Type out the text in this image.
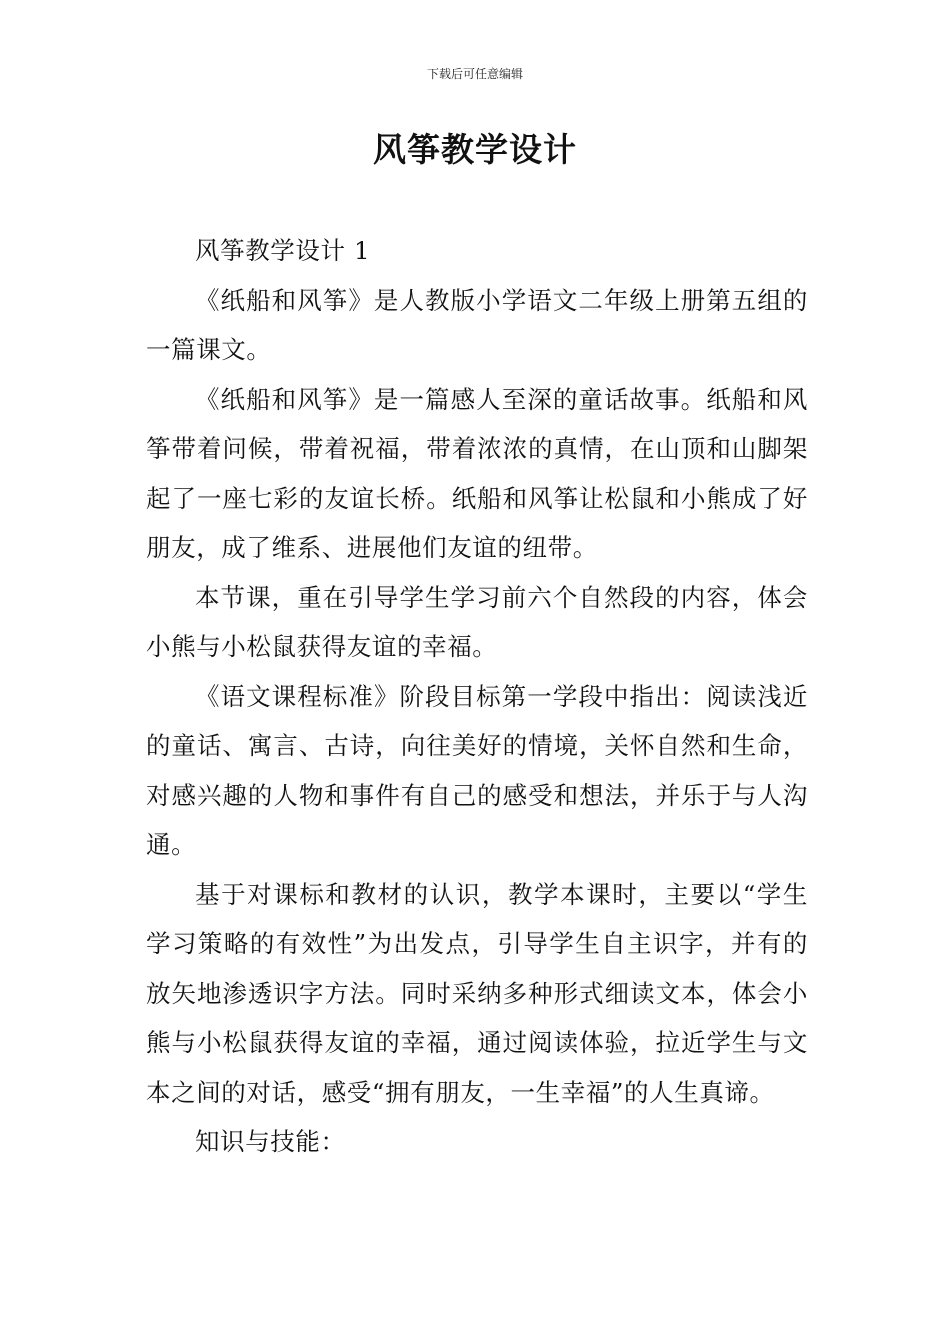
下载后可任意编辑
风筝教学设计

风筝教学设计 1

《纸船和风筝》是人教版小学语文二年级上册第五组的一篇课文。

《纸船和风筝》是一篇感人至深的童话故事。纸船和风筝带着问候，带着祝福，带着浓浓的真情，在山顶和山脚架起了一座七彩的友谊长桥。纸船和风筝让松鼠和小熊成了好朋友，成了维系、进展他们友谊的纽带。

本节课，重在引导学生学习前六个自然段的内容，体会小熊与小松鼠获得友谊的幸福。

《语文课程标准》阶段目标第一学段中指出：阅读浅近的童话、寓言、古诗，向往美好的情境，关怀自然和生命，对感兴趣的人物和事件有自己的感受和想法，并乐于与人沟通。

基于对课标和教材的认识，教学本课时，主要以“学生学习策略的有效性”为出发点，引导学生自主识字，并有的放矢地渗透识字方法。同时采纳多种形式细读文本，体会小熊与小松鼠获得友谊的幸福，通过阅读体验，拉近学生与文本之间的对话，感受“拥有朋友，一生幸福”的人生真谛。

知识与技能：
